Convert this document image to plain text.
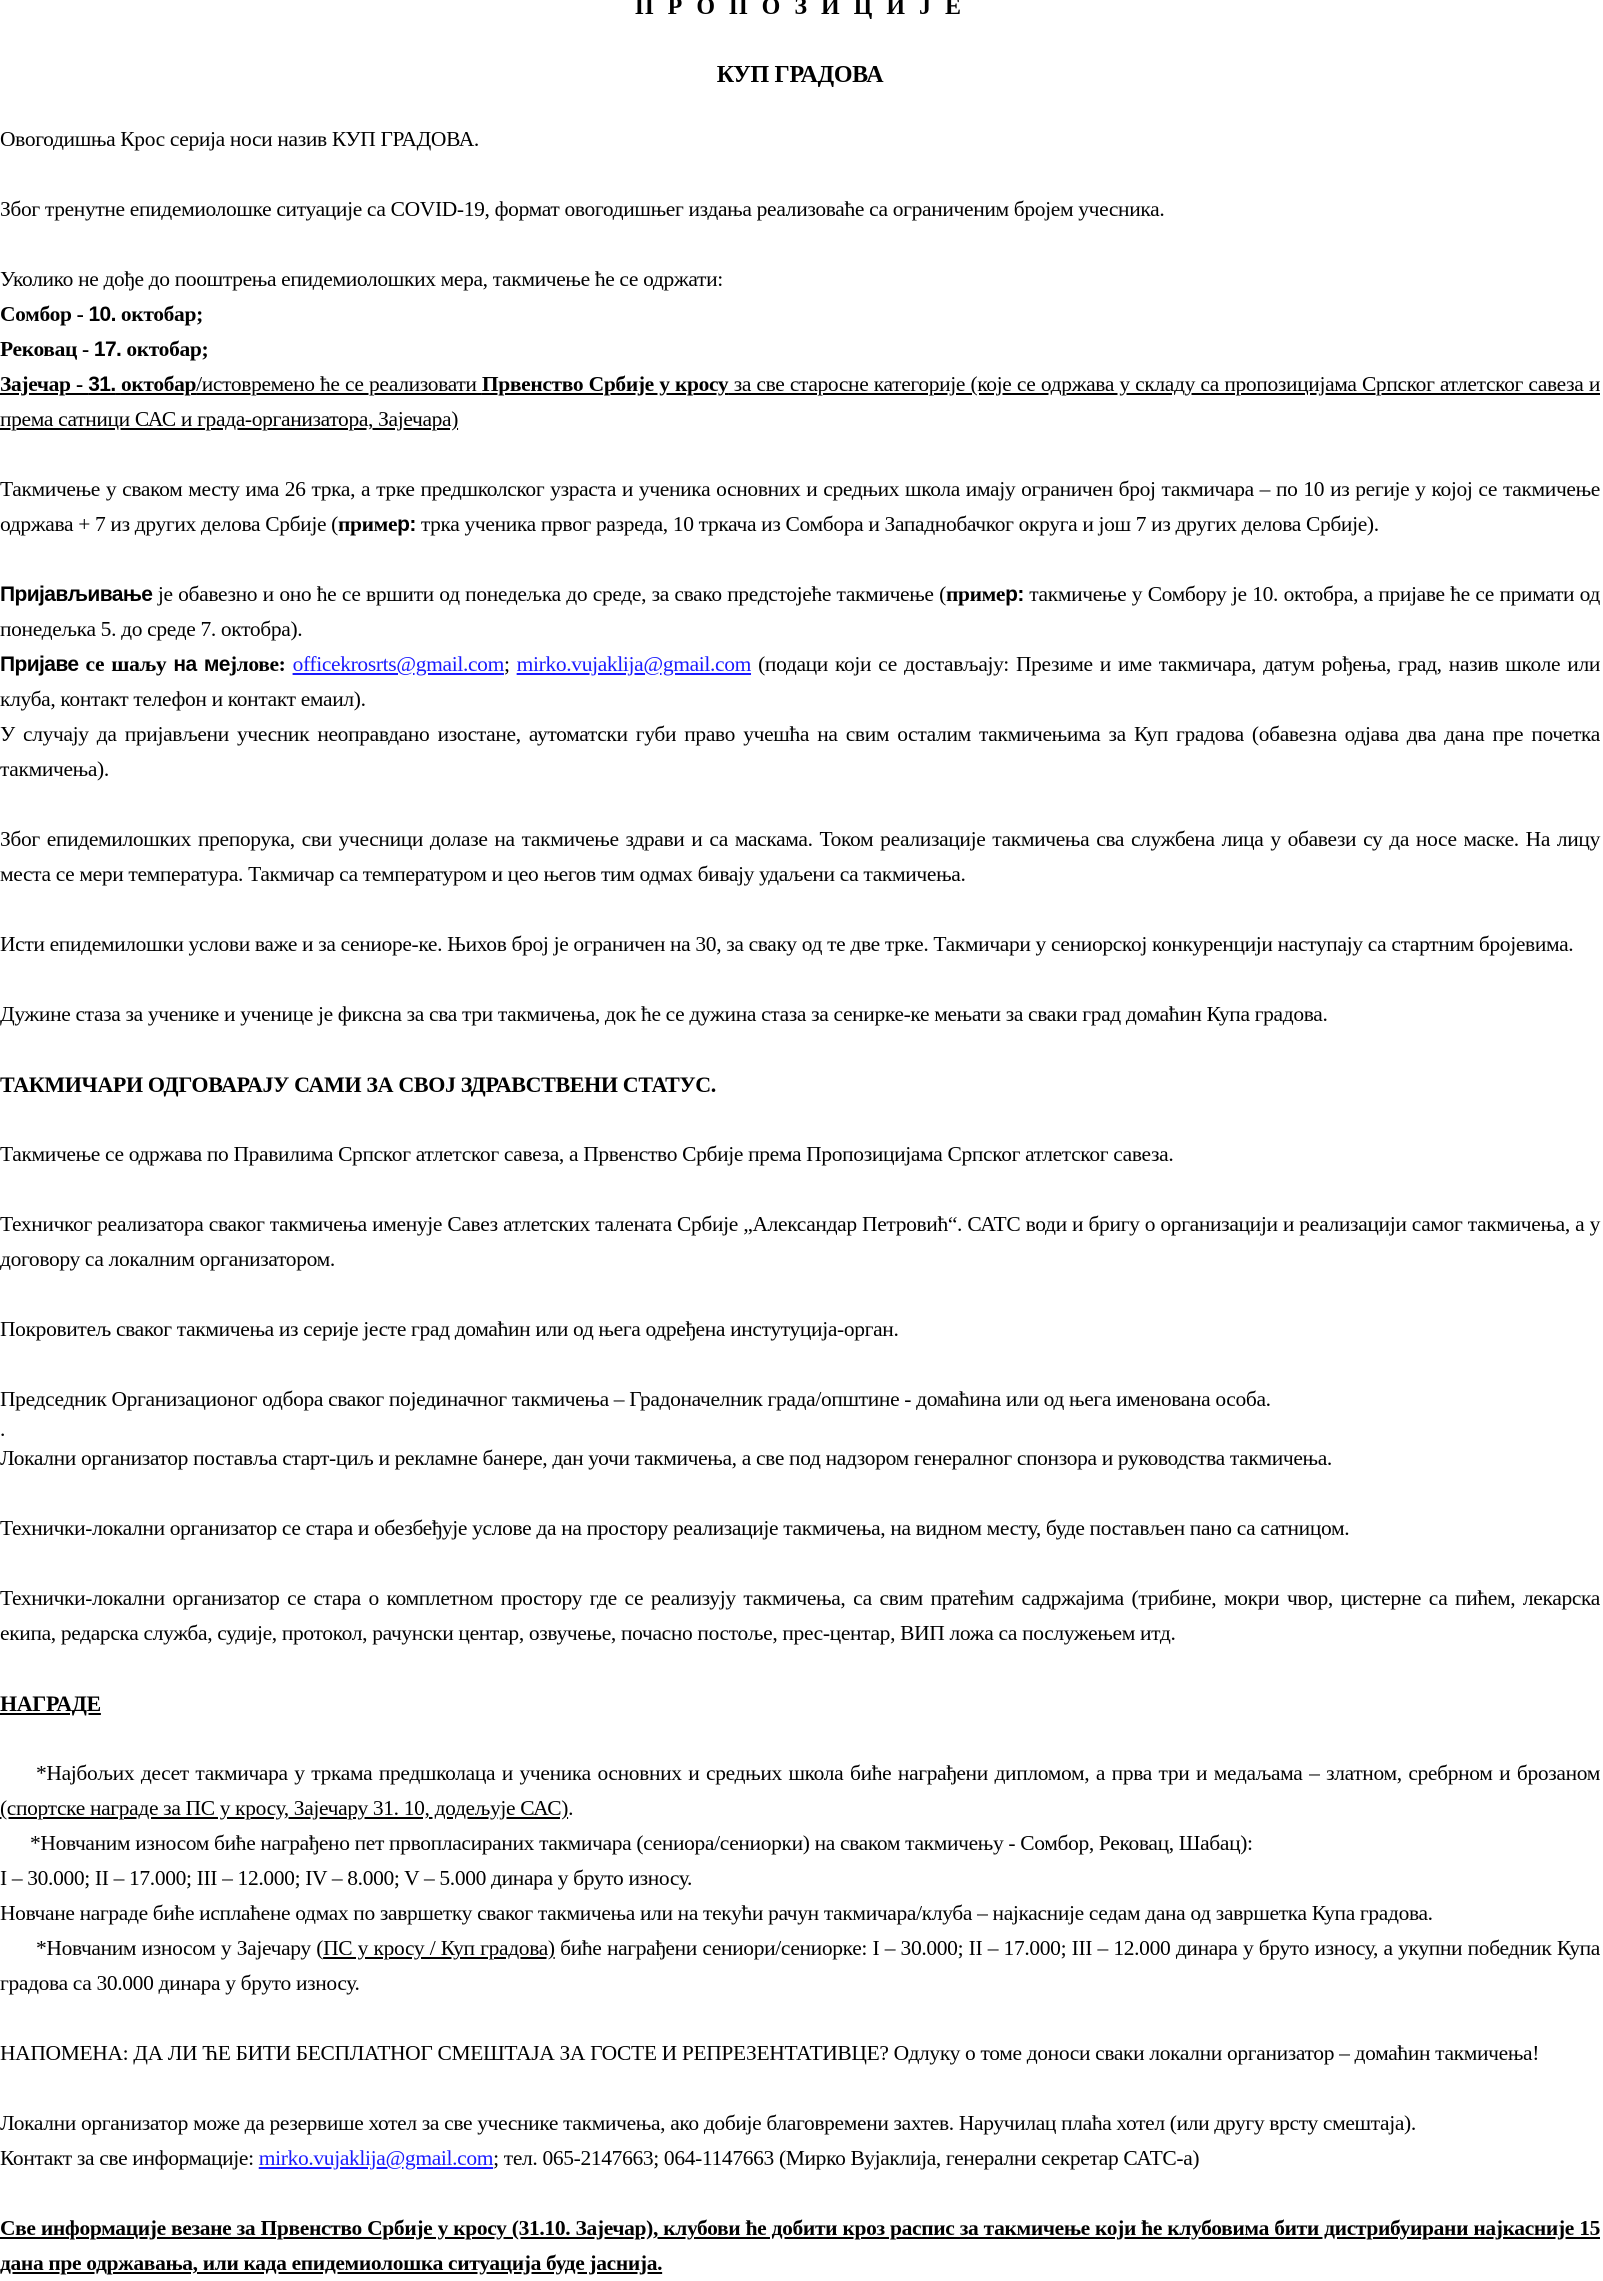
П Р О П О З И Ц И Ј Е
КУП ГРАДОВА

Овогодишња Крос серија носи назив КУП ГРАДОВА.

Због тренутне епидемиолошке ситуације са COVID-19, формат овогодишњег издања реализоваће са ограниченим бројем учесника.

Уколико не дође до пооштрења епидемиолошких мера, такмичење ће се одржати:

Сомбор - 10. октобар;

Рековац - 17. октобар;

Зајечар - 31. октобар/истовремено ће се реализовати Првенство Србије у кросу за све старосне категорије (које се одржава у складу са пропозицијама Српског атлетског савеза и према сатници САС и града-организатора, Зајечара)

Такмичење у сваком месту има 26 трка, а трке предшколског узраста и ученика основних и средњих школа имају ограничен број такмичара – по 10 из регије у којој се такмичење одржава + 7 из других делова Србије (пример: трка ученика првог разреда, 10 тркача из Сомбора и Западнобачког округа и још 7 из других делова Србије).

Пријављивање је обавезно и оно ће се вршити од понедељка до среде, за свако предстојеће такмичење (пример: такмичење у Сомбору је 10. октобра, а пријаве ће се примати од понедељка 5. до среде 7. октобра).

Пријаве се шаљу на мејлове: officekrosrts@gmail.com; mirko.vujaklija@gmail.com (подаци који се достављају: Презиме и име такмичара, датум рођења, град, назив школе или клуба, контакт телефон и контакт емаил).

У случају да пријављени учесник неоправдано изостане, аутоматски губи право учешћа на свим осталим такмичењима за Куп градова (обавезна одјава два дана пре почетка такмичења).

Због епидемилошких препорука, сви учесници долазе на такмичење здрави и са маскама. Током реализације такмичења сва службена лица у обавези су да носе маске. На лицу места се мери температура. Такмичар са температуром и цео његов тим одмах бивају удаљени са такмичења.

Исти епидемилошки услови важе и за сениоре-ке. Њихов број је ограничен на 30, за сваку од те две трке. Такмичари у сениорској конкуренцији наступају са стартним бројевима.

Дужине стаза за ученике и ученице је фиксна за сва три такмичења, док ће се дужина стаза за сенирке-ке мењати за сваки град домаћин Купа градова.

ТАКМИЧАРИ ОДГОВАРАЈУ САМИ ЗА СВОЈ ЗДРАВСТВЕНИ СТАТУС.

Такмичење се одржава по Правилима Српског атлетског савеза, а Првенство Србије према Пропозицијама Српског атлетског савеза.

Техничког реализатора сваког такмичења именује Савез атлетских талената Србије „Александар Петровић“. САТС води и бригу о организацији и реализацији самог такмичења, а у договору са локалним организатором.

Покровитељ сваког такмичења из серије јесте град домаћин или од њега одређена инстутуција-орган.

Председник Организационог одбора сваког појединачног такмичења – Градоначелник града/општине - домаћина или од њега именована особа.

.

Локални организатор поставља старт-циљ и рекламне банере, дан уочи такмичења, а све под надзором генералног спонзора и руководства такмичења.

Технички-локални организатор се стара и обезбеђује услове да на простору реализације такмичења, на видном месту, буде постављен пано са сатницом.

Технички-локални организатор се стара о комплетном простору где се реализују такмичења, са свим пратећим садржајима (трибине, мокри чвор, цистерне са пићем, лекарска екипа, редарска служба, судије, протокол, рачунски центар, озвучење, почасно постоље, прес-центар, ВИП ложа са послужењем итд.

НАГРАДЕ

*Најбољих десет такмичара у тркама предшколаца и ученика основних и средњих школа биће награђени дипломом, а прва три и медаљама – златном, сребрном и брозаном (спортске награде за ПС у кросу, Зајечару 31. 10, додељује САС).

*Новчаним износом биће награђено пет првопласираних такмичара (сениора/сениорки) на сваком такмичењу - Сомбор, Рековац, Шабац):

I – 30.000; II – 17.000; III – 12.000; IV – 8.000; V – 5.000 динара у бруто износу.

Новчане награде биће исплаћене одмах по завршетку сваког такмичења или на текући рачун такмичара/клуба – најкасније седам дана од завршетка Купа градова.

*Новчаним износом у Зајечару (ПС у кросу / Куп градова) биће награђени сениори/сениорке: I – 30.000; II – 17.000; III – 12.000 динара у бруто износу, а укупни победник Купа градова са 30.000 динара у бруто износу.

НАПОМЕНА: ДА ЛИ ЋЕ БИТИ БЕСПЛАТНОГ СМЕШТАЈА ЗА ГОСТЕ И РЕПРЕЗЕНТАТИВЦЕ? Одлуку о томе доноси сваки локални организатор – домаћин такмичења!

Локални организатор може да резервише хотел за све учеснике такмичења, ако добије благовремени захтев. Наручилац плаћа хотел (или другу врсту смештаја).

Контакт за све информације: mirko.vujaklija@gmail.com; тел. 065-2147663; 064-1147663 (Мирко Вујаклија, генерални секретар САТС-а)

Све информације везане за Првенство Србије у кросу (31.10. Зајечар), клубови ће добити кроз распис за такмичење који ће клубовима бити дистрибуирани најкасније 15 дана пре одржавања, или када епидемиолошка ситуација буде јаснија.
